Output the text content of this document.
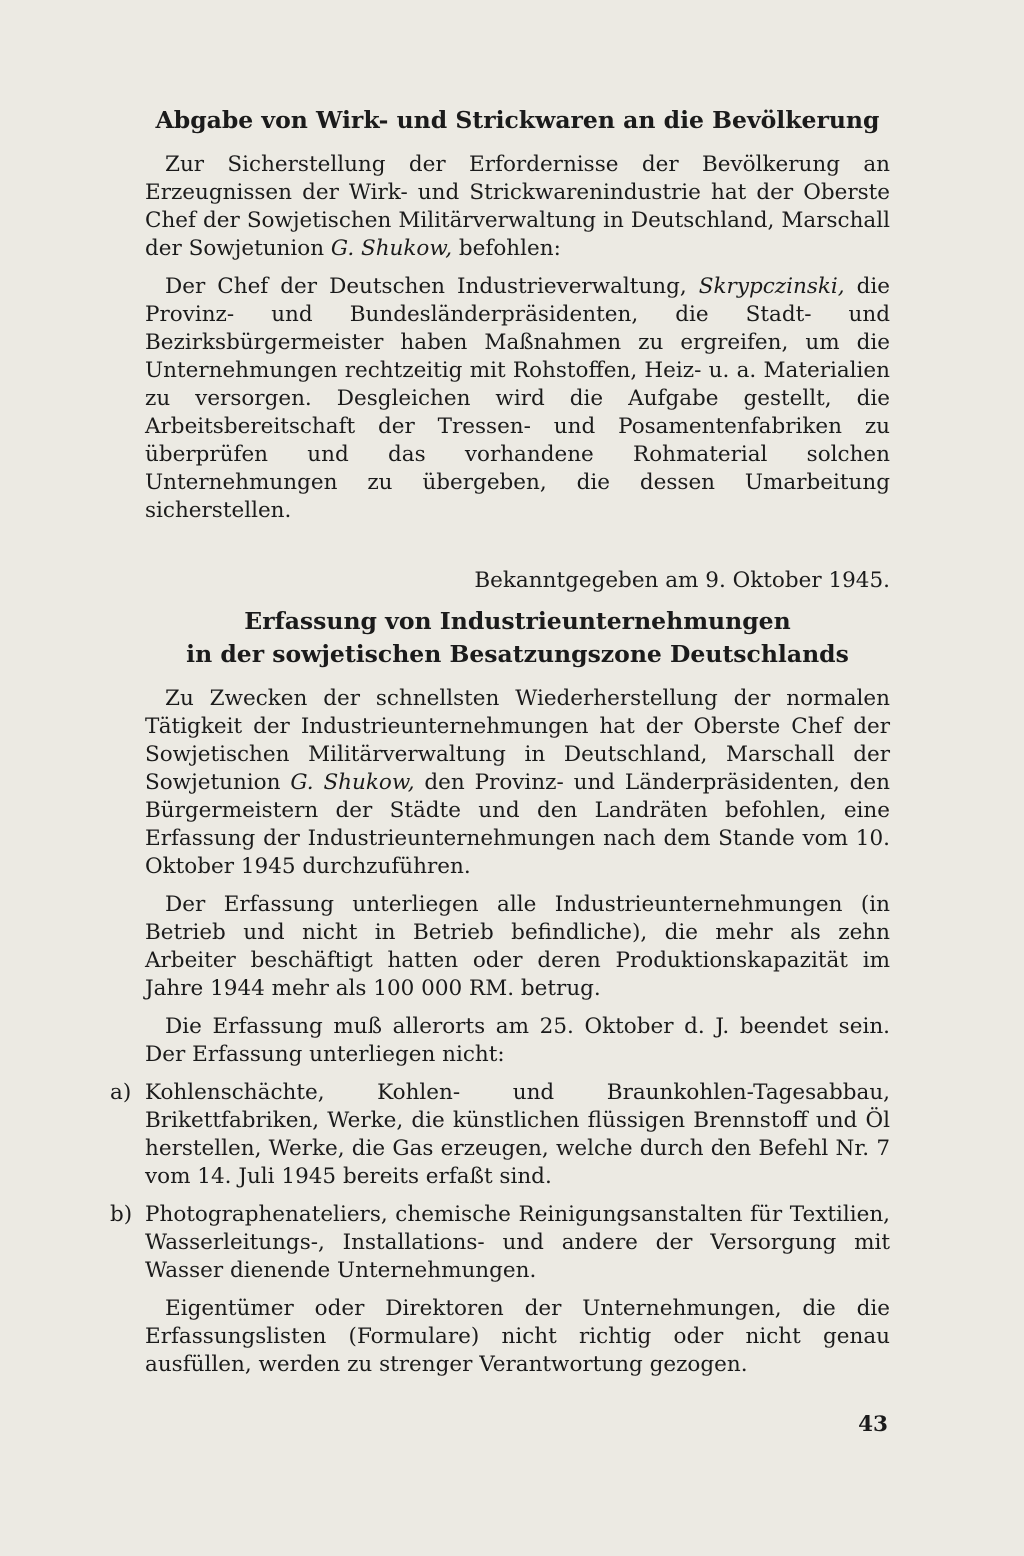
Abgabe von Wirk- und Strickwaren an die Bevölkerung

Zur Sicherstellung der Erfordernisse der Bevölkerung an Erzeugnissen der Wirk- und Strickwarenindustrie hat der Oberste Chef der Sowjetischen Militärverwaltung in Deutschland, Marschall der Sowjetunion G. Shukow, befohlen:

Der Chef der Deutschen Industrieverwaltung, Skrypczinski, die Provinz- und Bundesländerpräsidenten, die Stadt- und Bezirksbürgermeister haben Maßnahmen zu ergreifen, um die Unternehmungen rechtzeitig mit Rohstoffen, Heiz- u. a. Materialien zu versorgen. Desgleichen wird die Aufgabe gestellt, die Arbeitsbereitschaft der Tressen- und Posamentenfabriken zu überprüfen und das vorhandene Rohmaterial solchen Unternehmungen zu übergeben, die dessen Umarbeitung sicherstellen.

Bekanntgegeben am 9. Oktober 1945.

Erfassung von Industrieunternehmungen
in der sowjetischen Besatzungszone Deutschlands

Zu Zwecken der schnellsten Wiederherstellung der normalen Tätigkeit der Industrieunternehmungen hat der Oberste Chef der Sowjetischen Militärverwaltung in Deutschland, Marschall der Sowjetunion G. Shukow, den Provinz- und Länderpräsidenten, den Bürgermeistern der Städte und den Landräten befohlen, eine Erfassung der Industrieunternehmungen nach dem Stande vom 10. Oktober 1945 durchzuführen.

Der Erfassung unterliegen alle Industrieunternehmungen (in Betrieb und nicht in Betrieb befindliche), die mehr als zehn Arbeiter beschäftigt hatten oder deren Produktionskapazität im Jahre 1944 mehr als 100 000 RM. betrug.

Die Erfassung muß allerorts am 25. Oktober d. J. beendet sein. Der Erfassung unterliegen nicht:

a) Kohlenschächte, Kohlen- und Braunkohlen-Tagesabbau, Brikettfabriken, Werke, die künstlichen flüssigen Brennstoff und Öl herstellen, Werke, die Gas erzeugen, welche durch den Befehl Nr. 7 vom 14. Juli 1945 bereits erfaßt sind.
b) Photographenateliers, chemische Reinigungsanstalten für Textilien, Wasserleitungs-, Installations- und andere der Versorgung mit Wasser dienende Unternehmungen.

Eigentümer oder Direktoren der Unternehmungen, die die Erfassungslisten (Formulare) nicht richtig oder nicht genau ausfüllen, werden zu strenger Verantwortung gezogen.

43
